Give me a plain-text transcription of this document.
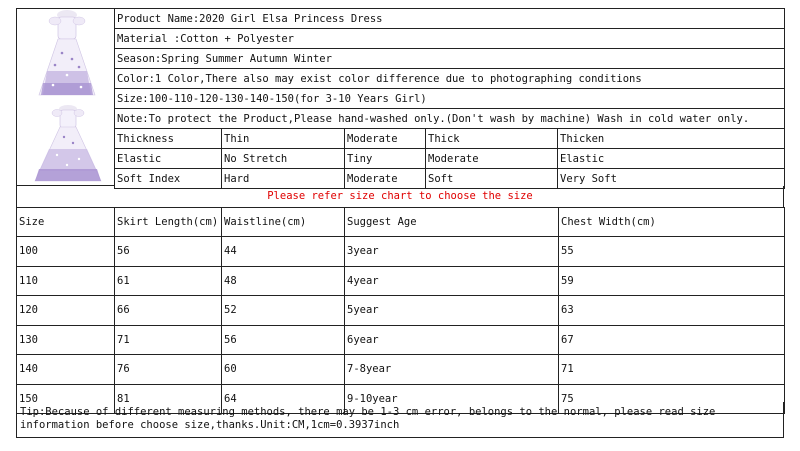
Product Name:2020 Girl Elsa Princess Dress				
Material :Cotton + Polyester				
Season:Spring Summer Autumn Winter				
Color:1 Color,There also may exist color difference due to photographing conditions				
Size:100-110-120-130-140-150(for 3-10 Years Girl)				
Note:To protect the Product,Please hand-washed only.(Don't wash by machine) Wash in cold water only.				
Thickness	Thin	Moderate	Thick	Thicken
Elastic	No Stretch	Tiny	Moderate	Elastic
Soft Index	Hard	Moderate	Soft	Very Soft
Please refer size chart to choose the size
Size	Skirt Length(cm)	Waistline(cm)	Suggest Age	Chest Width(cm)
100	56	44	3year	55
110	61	48	4year	59
120	66	52	5year	63
130	71	56	6year	67
140	76	60	7-8year	71
150	81	64	9-10year	75
Tip:Because of different measuring methods, there may be 1-3 cm error, belongs to the normal, please read size information before choose size,thanks.Unit:CM,1cm=0.3937inch
